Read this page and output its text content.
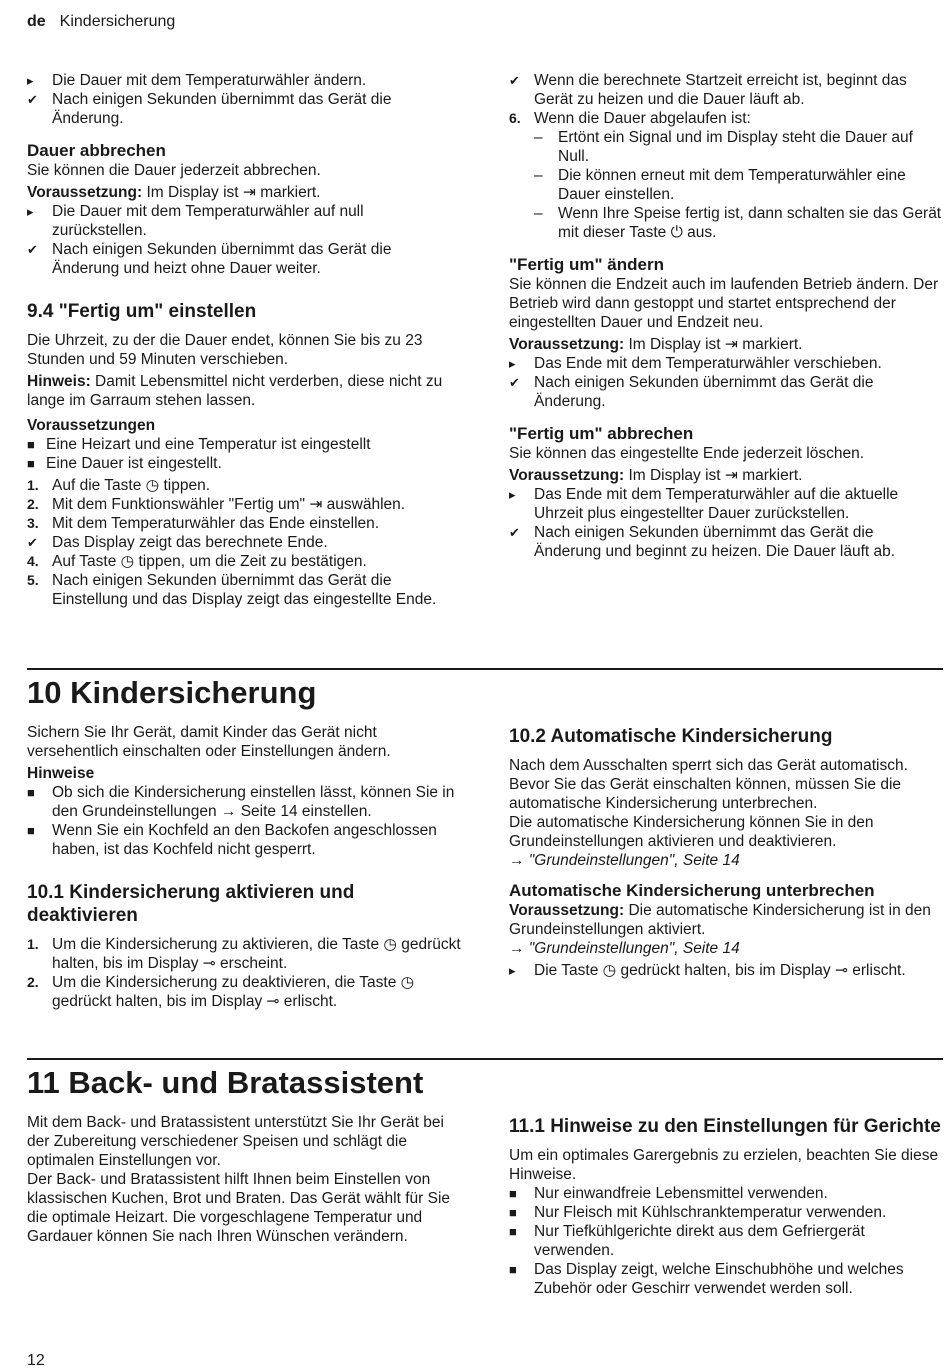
de Kindersicherung

▸	Die Dauer mit dem Temperaturwähler ändern.

✔ Nach einigen Sekunden übernimmt das Gerät die Änderung.

Dauer abbrechen

Sie können die Dauer jederzeit abbrechen.

Voraussetzung: Im Display ist ⇥ markiert.

▸	Die Dauer mit dem Temperaturwähler auf null zurückstellen.

✔ Nach einigen Sekunden übernimmt das Gerät die Änderung und heizt ohne Dauer weiter.

9.4 "Fertig um" einstellen

Die Uhrzeit, zu der die Dauer endet, können Sie bis zu 23 Stunden und 59 Minuten verschieben.

Hinweis: Damit Lebensmittel nicht verderben, diese nicht zu lange im Garraum stehen lassen.

Voraussetzungen

■ Eine Heizart und eine Temperatur ist eingestellt

■ Eine Dauer ist eingestellt.

1. Auf die Taste ◷ tippen.

2. Mit dem Funktionswähler "Fertig um" ⇥ auswählen.

3. Mit dem Temperaturwähler das Ende einstellen.

✔ Das Display zeigt das berechnete Ende.

4. Auf Taste ◷ tippen, um die Zeit zu bestätigen.

5. Nach einigen Sekunden übernimmt das Gerät die Einstellung und das Display zeigt das eingestellte Ende.

✔ Wenn die berechnete Startzeit erreicht ist, beginnt das Gerät zu heizen und die Dauer läuft ab.

6. Wenn die Dauer abgelaufen ist:

– Ertönt ein Signal und im Display steht die Dauer auf Null.

– Die können erneut mit dem Temperaturwähler eine Dauer einstellen.

– Wenn Ihre Speise fertig ist, dann schalten sie das Gerät mit dieser Taste ⏻ aus.

"Fertig um" ändern

Sie können die Endzeit auch im laufenden Betrieb ändern. Der Betrieb wird dann gestoppt und startet entsprechend der eingestellten Dauer und Endzeit neu.

Voraussetzung: Im Display ist ⇥ markiert.

▸	Das Ende mit dem Temperaturwähler verschieben.

✔ Nach einigen Sekunden übernimmt das Gerät die Änderung.

"Fertig um" abbrechen

Sie können das eingestellte Ende jederzeit löschen.

Voraussetzung: Im Display ist ⇥ markiert.

▸	Das Ende mit dem Temperaturwähler auf die aktuelle Uhrzeit plus eingestellter Dauer zurückstellen.

✔ Nach einigen Sekunden übernimmt das Gerät die Änderung und beginnt zu heizen. Die Dauer läuft ab.

10 Kindersicherung

Sichern Sie Ihr Gerät, damit Kinder das Gerät nicht versehentlich einschalten oder Einstellungen ändern.

Hinweise

■	Ob sich die Kindersicherung einstellen lässt, können Sie in den Grundeinstellungen → Seite 14 einstellen.

■	Wenn Sie ein Kochfeld an den Backofen angeschlossen haben, ist das Kochfeld nicht gesperrt.

10.1 Kindersicherung aktivieren und deaktivieren

1. Um die Kindersicherung zu aktivieren, die Taste ◷ gedrückt halten, bis im Display ⊸ erscheint.

2. Um die Kindersicherung zu deaktivieren, die Taste ◷ gedrückt halten, bis im Display ⊸ erlischt.

10.2 Automatische Kindersicherung

Nach dem Ausschalten sperrt sich das Gerät automatisch. Bevor Sie das Gerät einschalten können, müssen Sie die automatische Kindersicherung unterbrechen.

Die automatische Kindersicherung können Sie in den Grundeinstellungen aktivieren und deaktivieren.

→ "Grundeinstellungen", Seite 14

Automatische Kindersicherung unterbrechen

Voraussetzung: Die automatische Kindersicherung ist in den Grundeinstellungen aktiviert.

→ "Grundeinstellungen", Seite 14

▸	Die Taste ◷ gedrückt halten, bis im Display ⊸ erlischt.

11 Back- und Bratassistent

Mit dem Back- und Bratassistent unterstützt Sie Ihr Gerät bei der Zubereitung verschiedener Speisen und schlägt die optimalen Einstellungen vor.

Der Back- und Bratassistent hilft Ihnen beim Einstellen von klassischen Kuchen, Brot und Braten. Das Gerät wählt für Sie die optimale Heizart. Die vorgeschlagene Temperatur und Gardauer können Sie nach Ihren Wünschen verändern.

11.1 Hinweise zu den Einstellungen für Gerichte

Um ein optimales Garergebnis zu erzielen, beachten Sie diese Hinweise.

■	Nur einwandfreie Lebensmittel verwenden.

■	Nur Fleisch mit Kühlschranktemperatur verwenden.

■	Nur Tiefkühlgerichte direkt aus dem Gefriergerät verwenden.

■	Das Display zeigt, welche Einschubhöhe und welches Zubehör oder Geschirr verwendet werden soll.

12
